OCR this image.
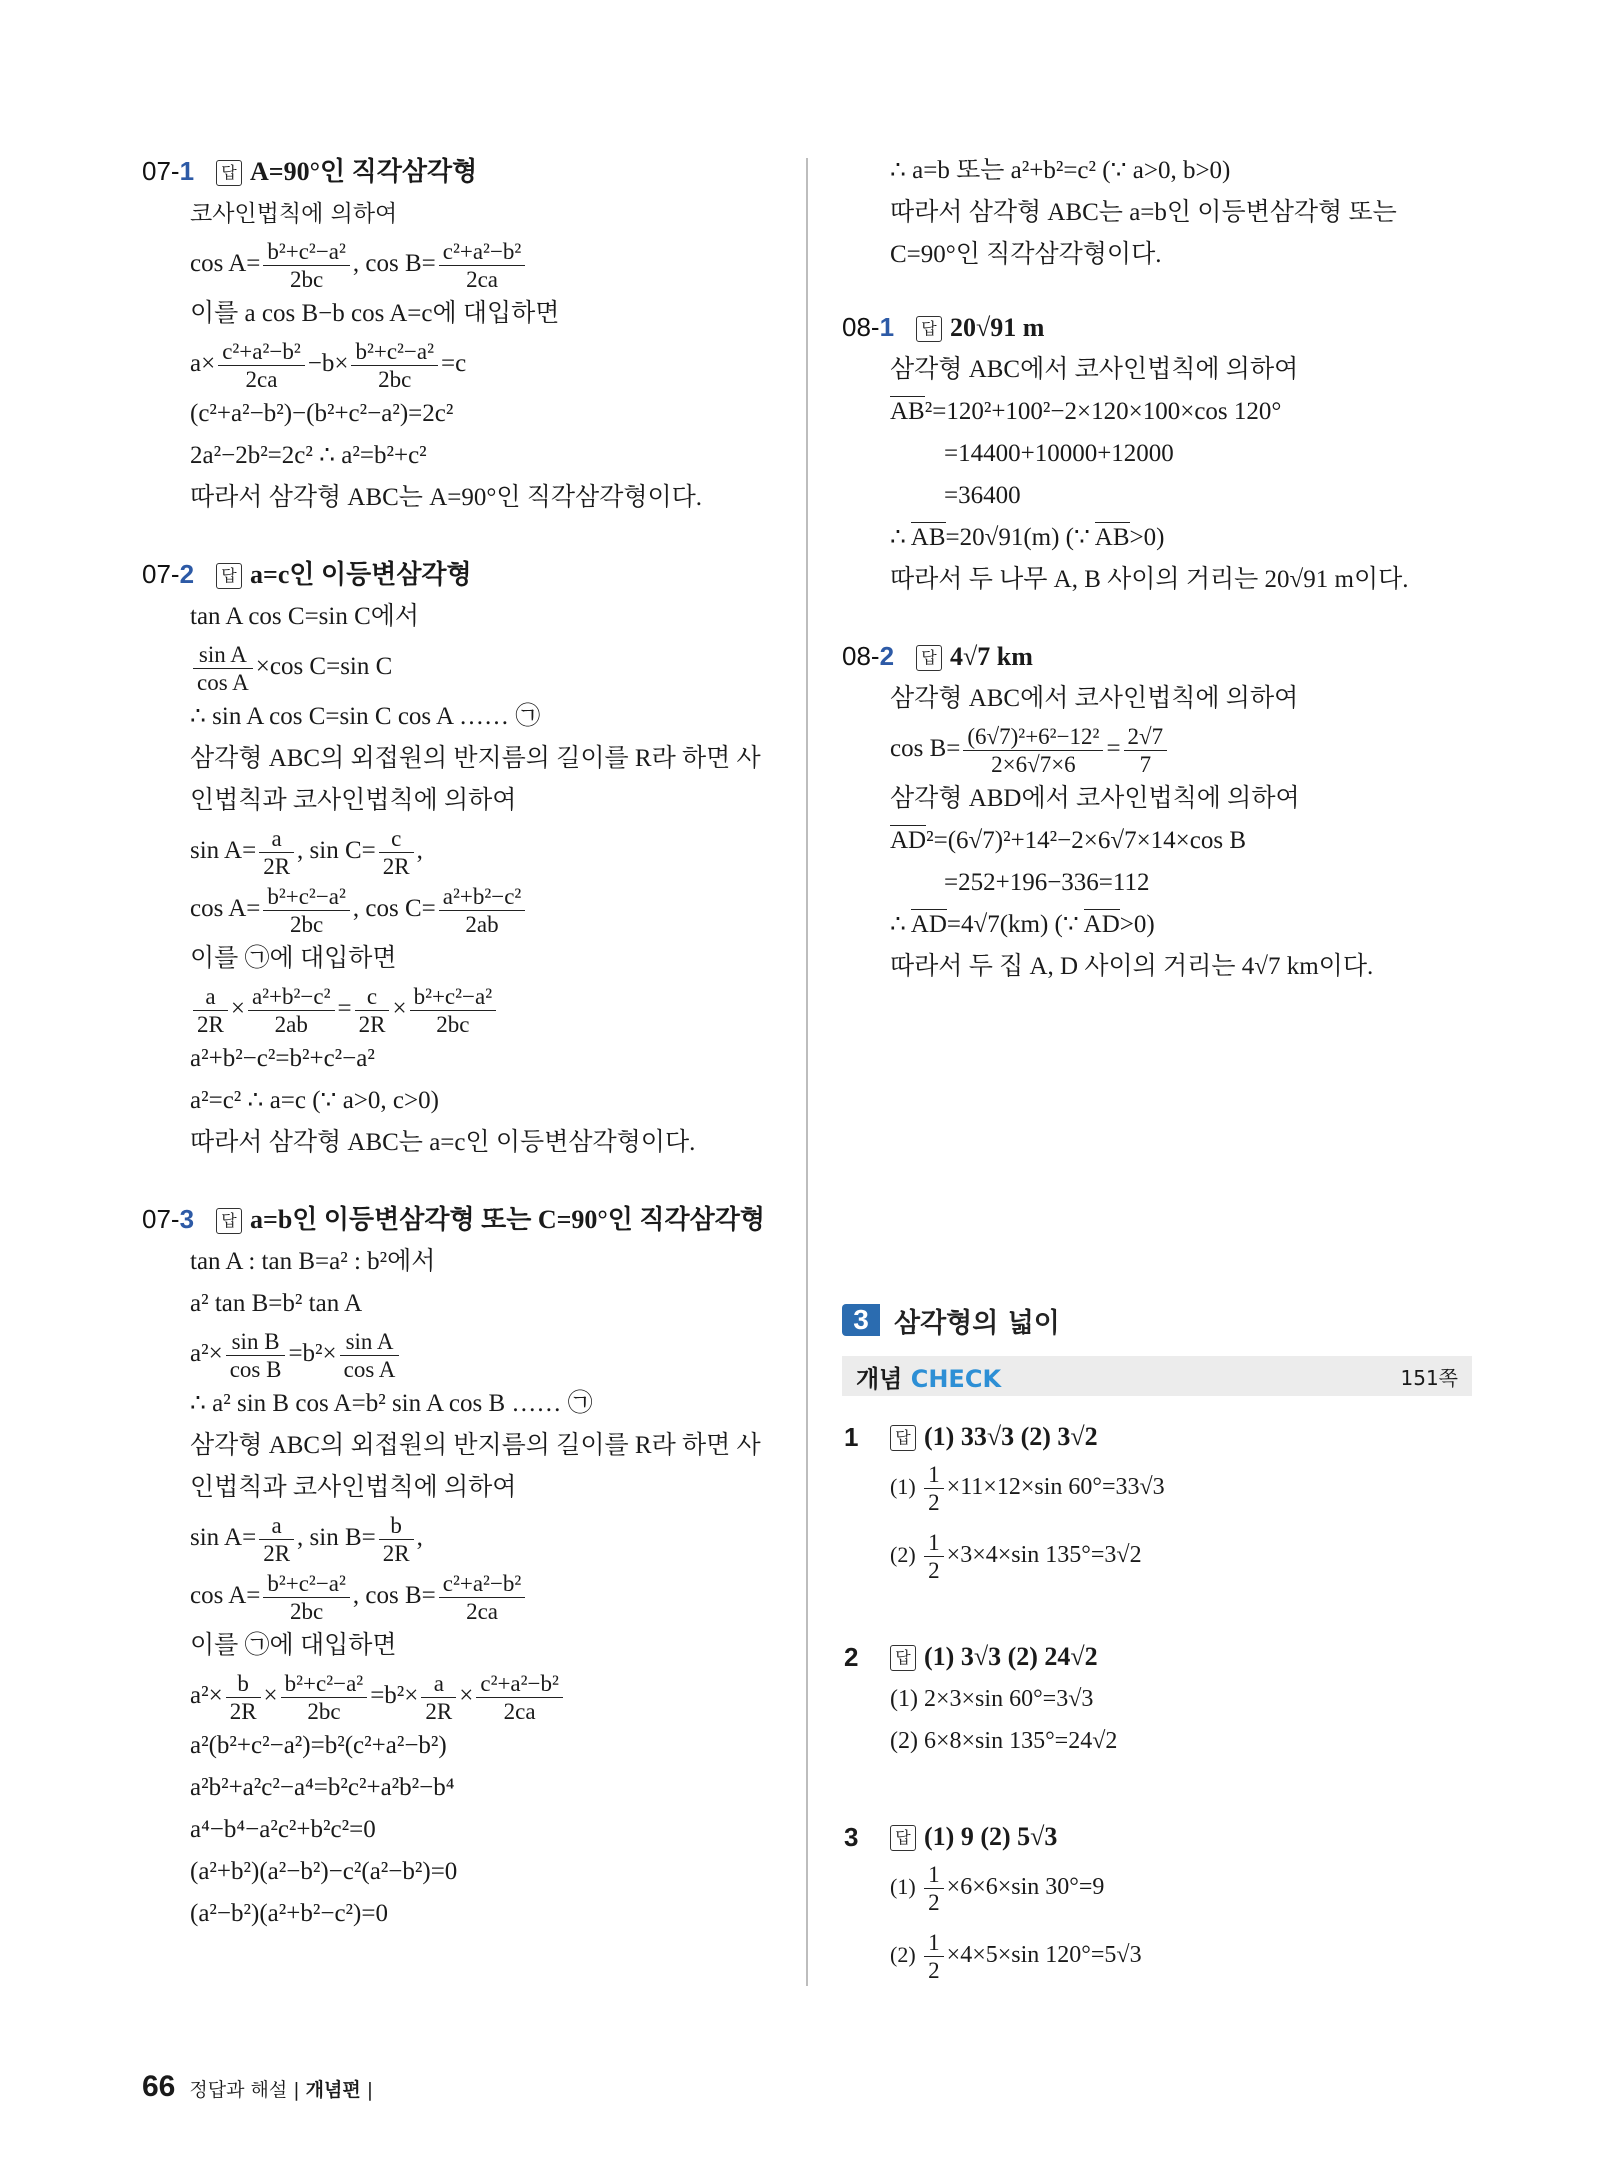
07-1 답 A=90°인 직각삼각형
코사인법칙에 의하여
$\cos A= \frac{\text{b²+c²−a²}}{2bc}$ , $\cos B= \frac{\text{c²+a²−b²}}{2ca}$
이를 a cos B−b cos A=c에 대입하면
$a\times \frac{\text{c²+a²−b²}}{2ca} -b\times \frac{\text{b²+c²−a²}}{2bc} =c$
(c²+a²−b²)−(b²+c²−a²)=2c²
2a²−2b²=2c² ∴ a²=b²+c²
따라서 삼각형 ABC는 A=90°인 직각삼각형이다.
07-2 답 a=c인 이등변삼각형
tan A cos C=sin C에서
$\frac{\text{sin A}}{\text{cos A}} \times\cos$ C=sin C
∴ sin A cos C=sin C cos A …… ㉠
삼각형 ABC의 외접원의 반지름의 길이를 R라 하면 사
인법칙과 코사인법칙에 의하여
$\sin A= \frac{a}{2R}$ , $\sin C= \frac{c}{2R}$ ,
$\cos A= \frac{\text{b²+c²−a²}}{2bc}$ , $\cos C= \frac{\text{a²+b²−c²}}{2ab}$
이를 ㉠에 대입하면
$\frac{a}{2R} \times \frac{\text{a²+b²−c²}}{2ab} = \frac{c}{2R} \times \frac{\text{b²+c²−a²}}{2bc}$
a²+b²−c²=b²+c²−a²
a²=c² ∴ a=c (∵ a>0, c>0)
따라서 삼각형 ABC는 a=c인 이등변삼각형이다.
07-3 답 a=b인 이등변삼각형 또는 C=90°인 직각삼각형
tan A : tan B=a² : b²에서
a² tan B=b² tan A
$a^2\times \frac{\text{sin B}}{\text{cos B}} =b^2\times \frac{\text{sin A}}{\text{cos A}}$
∴ a² sin B cos A=b² sin A cos B …… ㉠
삼각형 ABC의 외접원의 반지름의 길이를 R라 하면 사
인법칙과 코사인법칙에 의하여
$\sin A= \frac{a}{2R}$ , $\sin B= \frac{b}{2R}$ ,
$\cos A= \frac{\text{b²+c²−a²}}{2bc}$ , $\cos B= \frac{\text{c²+a²−b²}}{2ca}$
이를 ㉠에 대입하면
$a^2\times \frac{b}{2R} \times \frac{\text{b²+c²−a²}}{2bc} =b^2\times \frac{a}{2R} \times \frac{\text{c²+a²−b²}}{2ca}$
a²(b²+c²−a²)=b²(c²+a²−b²)
a²b²+a²c²−a⁴=b²c²+a²b²−b⁴
a⁴−b⁴−a²c²+b²c²=0
(a²+b²)(a²−b²)−c²(a²−b²)=0
(a²−b²)(a²+b²−c²)=0
∴ a=b 또는 a²+b²=c² (∵ a>0, b>0)
따라서 삼각형 ABC는 a=b인 이등변삼각형 또는
C=90°인 직각삼각형이다.
08-1 답 20√91 m
삼각형 ABC에서 코사인법칙에 의하여
AB²=120²+100²−2×120×100×cos 120°
=14400+10000+12000
=36400
∴ AB=20√91(m) (∵ AB>0)
따라서 두 나무 A, B 사이의 거리는 20√91 m이다.
08-2 답 4√7 km
삼각형 ABC에서 코사인법칙에 의하여
$\cos B= \frac{\text{(6√7)²+6²−12²}}{2\times 6√7\times 6} = \frac{2√7}{7}$
삼각형 ABD에서 코사인법칙에 의하여
AD²=(6√7)²+14²−2×6√7×14×cos B
=252+196−336=112
∴ AD=4√7(km) (∵ AD>0)
따라서 두 집 A, D 사이의 거리는 4√7 km이다.
3 삼각형의 넓이
개념 CHECK	151쪽
1	답 (1) 33√3 (2) 3√2
$(1) \frac{1}{2} \times 11\times 12\times\sin$ 60°=33√3
$(2) \frac{1}{2} \times 3\times 4\times\sin$ 135°=3√2
2	답 (1) 3√3 (2) 24√2
(1) 2×3×sin 60°=3√3
(2) 6×8×sin 135°=24√2
3	답 (1) 9 (2) 5√3
$(1) \frac{1}{2} \times 6\times 6\times\sin$ 30°=9
$(2) \frac{1}{2} \times 4\times 5\times\sin$ 120°=5√3
66 정답과 해설 | 개념편 |
